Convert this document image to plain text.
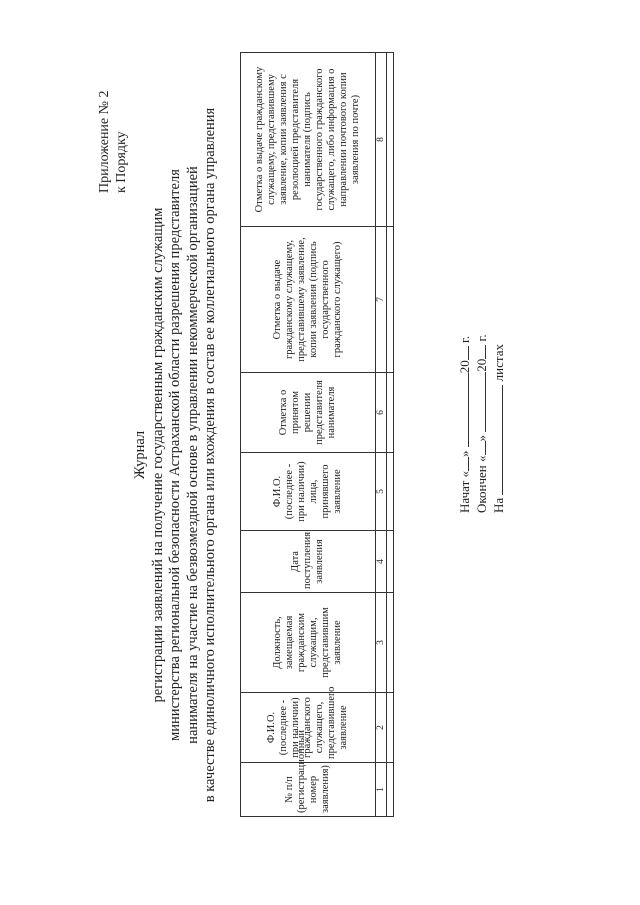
Приложение № 2 к Порядку
Журнал регистрации заявлений на получение государственным гражданским служащим министерства региональной безопасности Астраханской области разрешения представителя нанимателя на участие на безвозмездной основе в управлении некоммерческой организацией в качестве единоличного исполнительного органа или вхождения в состав ее коллегиального органа управления	№ п/п (регистрационный номер заявления)	Ф.И.О. (последнее - при наличии) гражданского служащего, представившего заявление	Должность, замещаемая гражданским служащим, представившим заявление	Дата поступления заявления	Ф.И.О. (последнее - при наличии) лица, принявшего заявление	Отметка о принятом решении представителя нанимателя	Отметка о выдаче гражданскому служащему, представившему заявление, копии заявления (подпись государственного гражданского служащего)	Отметка о выдаче гражданскому служащему, представившему заявление, копии заявления с резолюцией представителя нанимателя (подпись государственного гражданского служащего, либо информация о направлении почтового копии заявления по почте)
1	2	3	4	5	6	7	8

Начат «» 20 г.
Окончен «» 20 г.
На  листах
